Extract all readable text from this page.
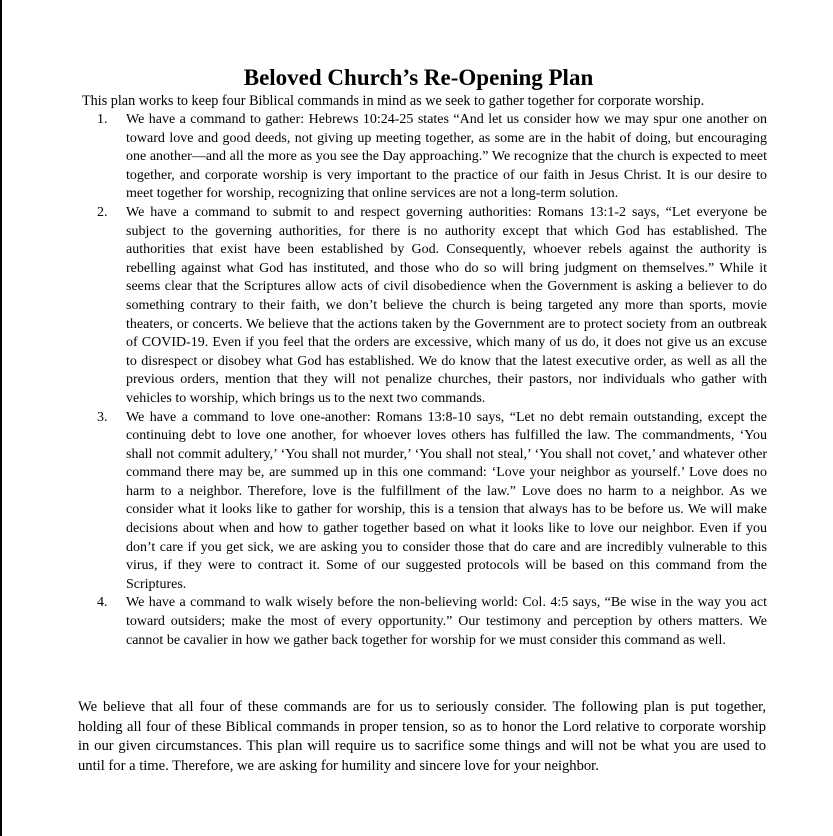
Beloved Church’s Re-Opening Plan

This plan works to keep four Biblical commands in mind as we seek to gather together for corporate worship.

1. We have a command to gather: Hebrews 10:24-25 states “And let us consider how we may spur one another on toward love and good deeds, not giving up meeting together, as some are in the habit of doing, but encouraging one another—and all the more as you see the Day approaching.” We recognize that the church is expected to meet together, and corporate worship is very important to the practice of our faith in Jesus Christ. It is our desire to meet together for worship, recognizing that online services are not a long-term solution.
2. We have a command to submit to and respect governing authorities: Romans 13:1-2 says, “Let everyone be subject to the governing authorities, for there is no authority except that which God has established. The authorities that exist have been established by God. Consequently, whoever rebels against the authority is rebelling against what God has instituted, and those who do so will bring judgment on themselves.” While it seems clear that the Scriptures allow acts of civil disobedience when the Government is asking a believer to do something contrary to their faith, we don’t believe the church is being targeted any more than sports, movie theaters, or concerts. We believe that the actions taken by the Government are to protect society from an outbreak of COVID-19. Even if you feel that the orders are excessive, which many of us do, it does not give us an excuse to disrespect or disobey what God has established. We do know that the latest executive order, as well as all the previous orders, mention that they will not penalize churches, their pastors, nor individuals who gather with vehicles to worship, which brings us to the next two commands.
3. We have a command to love one-another: Romans 13:8-10 says, “Let no debt remain outstanding, except the continuing debt to love one another, for whoever loves others has fulfilled the law. The commandments, ‘You shall not commit adultery,’ ‘You shall not murder,’ ‘You shall not steal,’ ‘You shall not covet,’ and whatever other command there may be, are summed up in this one command: ‘Love your neighbor as yourself.’ Love does no harm to a neighbor. Therefore, love is the fulfillment of the law.” Love does no harm to a neighbor. As we consider what it looks like to gather for worship, this is a tension that always has to be before us. We will make decisions about when and how to gather together based on what it looks like to love our neighbor. Even if you don’t care if you get sick, we are asking you to consider those that do care and are incredibly vulnerable to this virus, if they were to contract it. Some of our suggested protocols will be based on this command from the Scriptures.
4. We have a command to walk wisely before the non-believing world: Col. 4:5 says, “Be wise in the way you act toward outsiders; make the most of every opportunity.” Our testimony and perception by others matters. We cannot be cavalier in how we gather back together for worship for we must consider this command as well.

We believe that all four of these commands are for us to seriously consider. The following plan is put together, holding all four of these Biblical commands in proper tension, so as to honor the Lord relative to corporate worship in our given circumstances. This plan will require us to sacrifice some things and will not be what you are used to until for a time. Therefore, we are asking for humility and sincere love for your neighbor.
